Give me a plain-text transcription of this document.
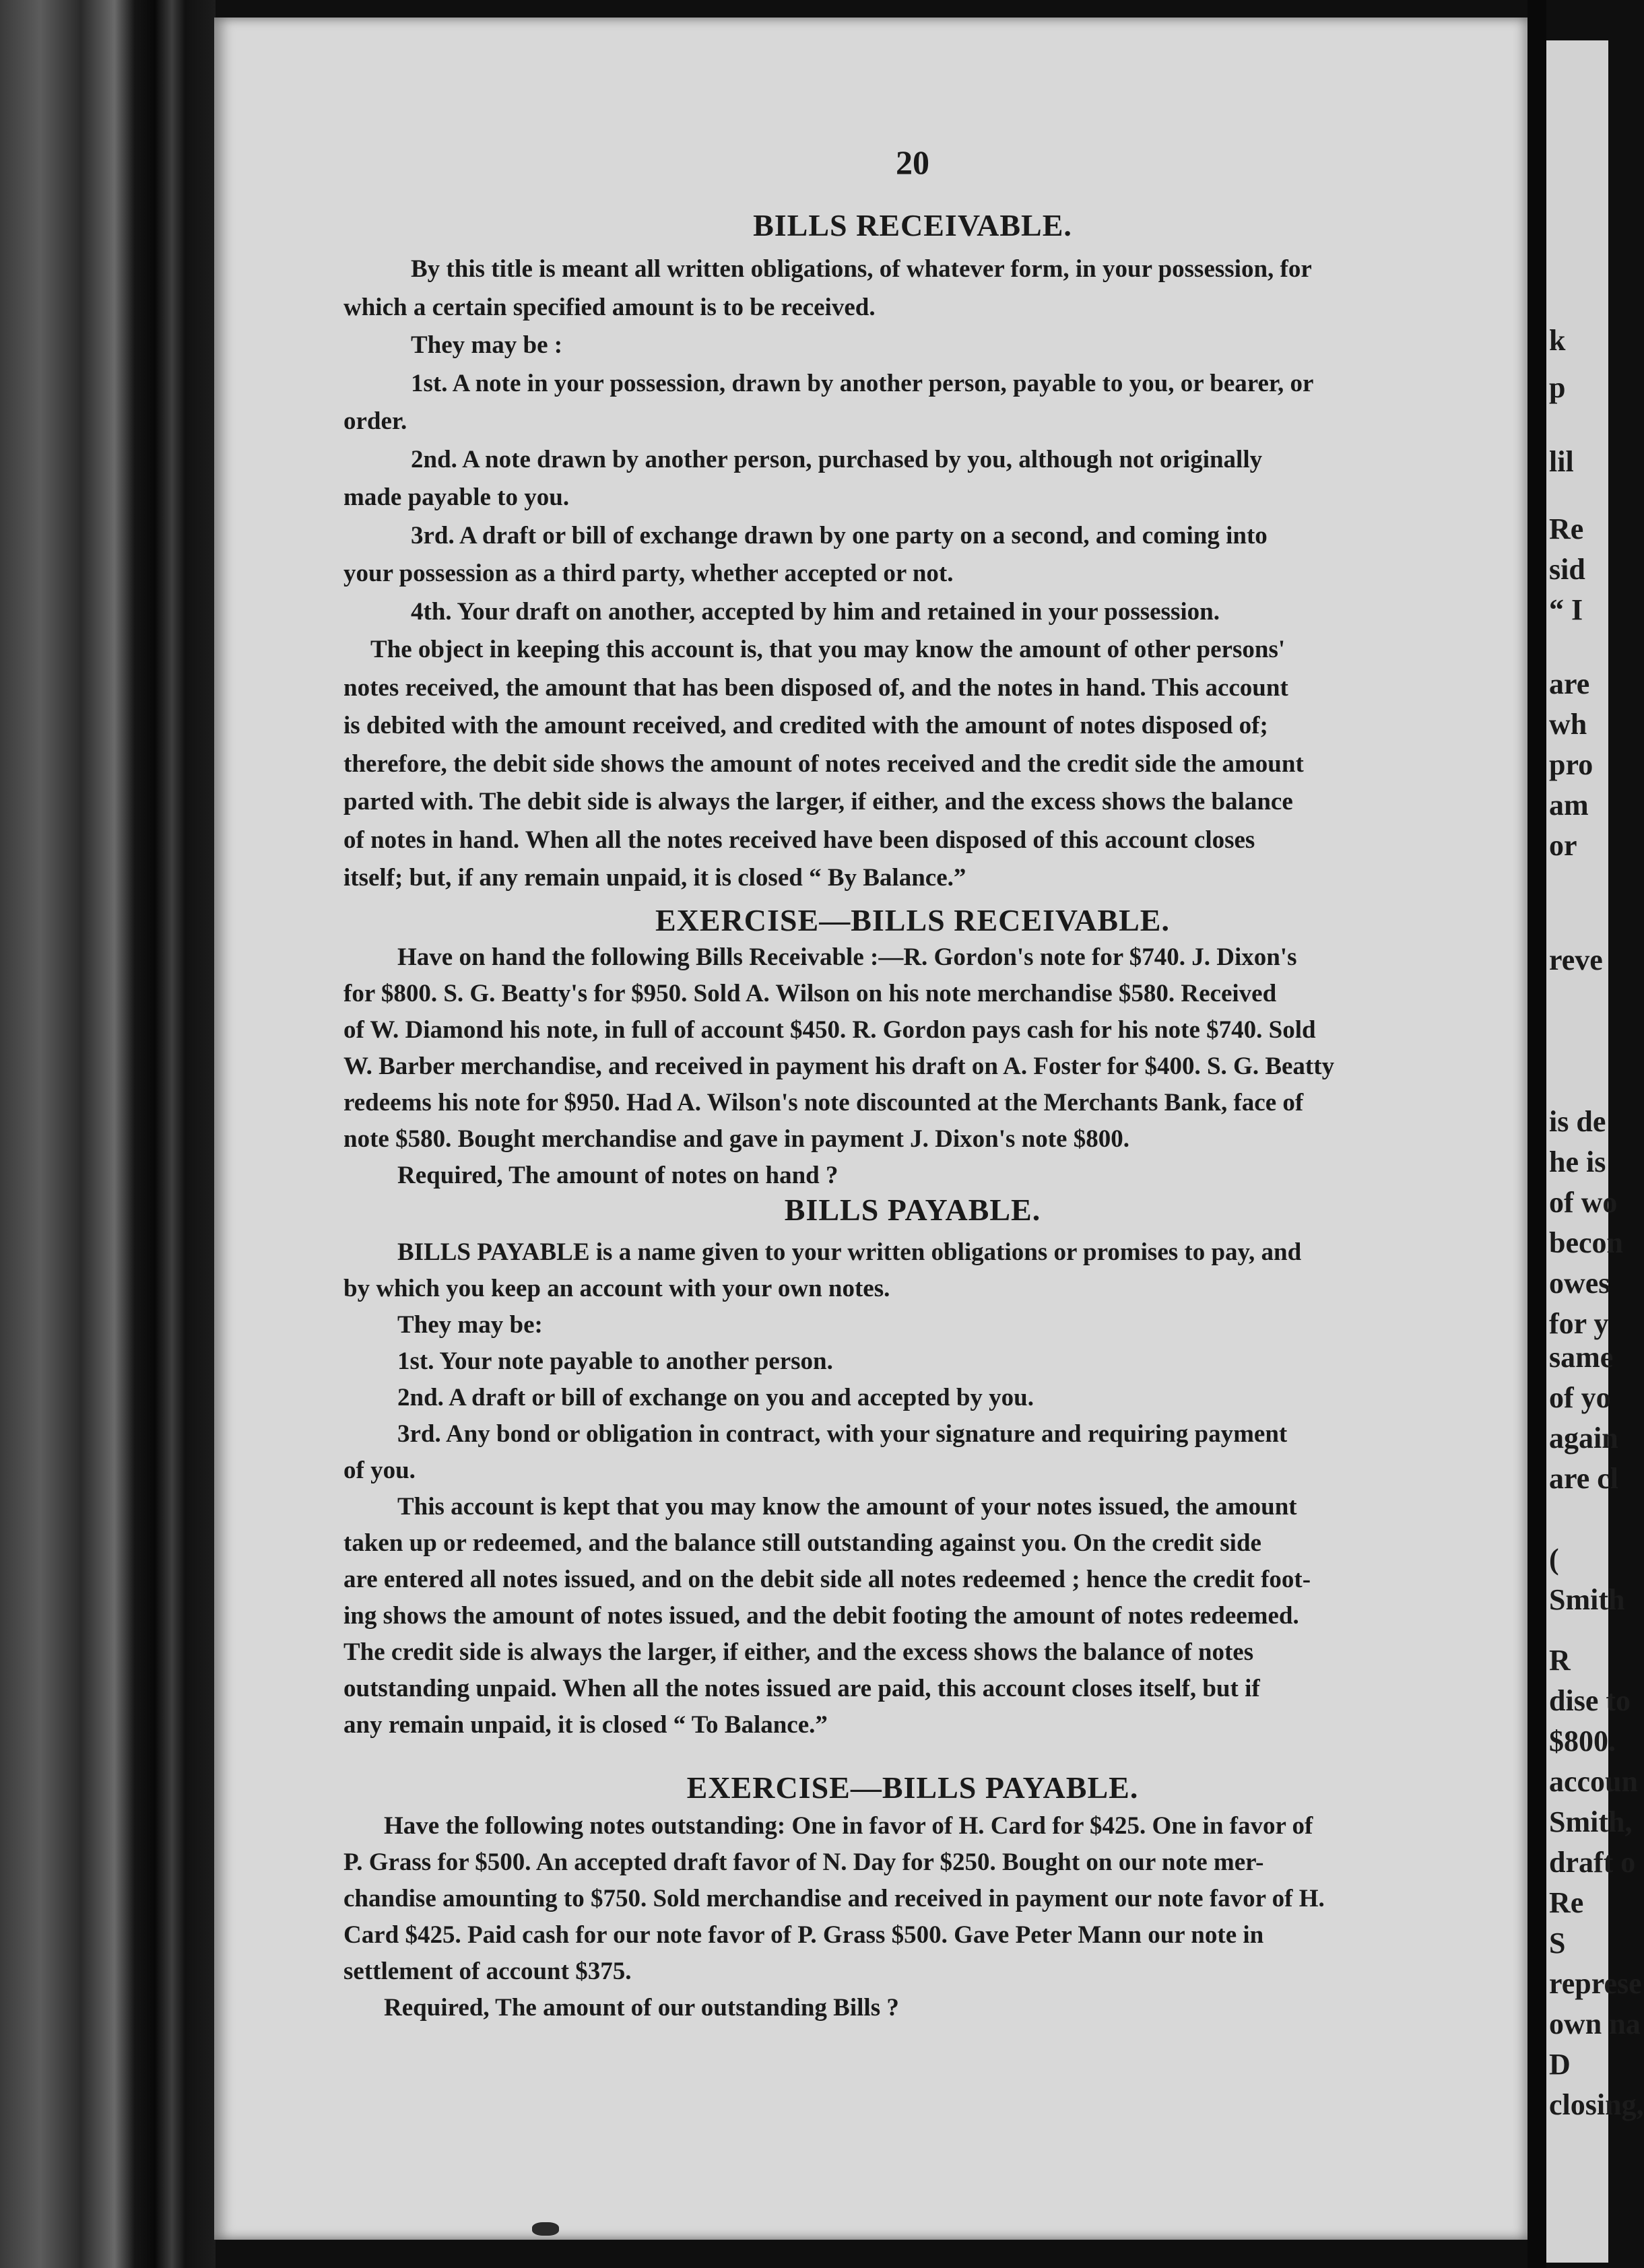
k
p
lil
Re
sid
“ I
are
wh
pro
am
or
reve
is de
he is
of wo
becon
owes
for y
same
of yo
again
are cl
(
Smith
R
dise to
$800.
accoun
Smith,
draft o
Re
S
represe
own na
D
closing,
20
BILLS RECEIVABLE.
By this title is meant all written obligations, of whatever form, in your possession, for
which a certain specified amount is to be received.
They may be :
1st. A note in your possession, drawn by another person, payable to you, or bearer, or
order.
2nd. A note drawn by another person, purchased by you, although not originally
made payable to you.
3rd. A draft or bill of exchange drawn by one party on a second, and coming into
your possession as a third party, whether accepted or not.
4th. Your draft on another, accepted by him and retained in your possession.
The object in keeping this account is, that you may know the amount of other persons'
notes received, the amount that has been disposed of, and the notes in hand. This account
is debited with the amount received, and credited with the amount of notes disposed of;
therefore, the debit side shows the amount of notes received and the credit side the amount
parted with. The debit side is always the larger, if either, and the excess shows the balance
of notes in hand. When all the notes received have been disposed of this account closes
itself; but, if any remain unpaid, it is closed “ By Balance.”
EXERCISE—BILLS RECEIVABLE.
Have on hand the following Bills Receivable :—R. Gordon's note for $740. J. Dixon's
for $800. S. G. Beatty's for $950. Sold A. Wilson on his note merchandise $580. Received
of W. Diamond his note, in full of account $450. R. Gordon pays cash for his note $740. Sold
W. Barber merchandise, and received in payment his draft on A. Foster for $400. S. G. Beatty
redeems his note for $950. Had A. Wilson's note discounted at the Merchants Bank, face of
note $580. Bought merchandise and gave in payment J. Dixon's note $800.
Required, The amount of notes on hand ?
BILLS PAYABLE.
BILLS PAYABLE is a name given to your written obligations or promises to pay, and
by which you keep an account with your own notes.
They may be:
1st. Your note payable to another person.
2nd. A draft or bill of exchange on you and accepted by you.
3rd. Any bond or obligation in contract, with your signature and requiring payment
of you.
This account is kept that you may know the amount of your notes issued, the amount
taken up or redeemed, and the balance still outstanding against you. On the credit side
are entered all notes issued, and on the debit side all notes redeemed ; hence the credit foot-
ing shows the amount of notes issued, and the debit footing the amount of notes redeemed.
The credit side is always the larger, if either, and the excess shows the balance of notes
outstanding unpaid. When all the notes issued are paid, this account closes itself, but if
any remain unpaid, it is closed “ To Balance.”
EXERCISE—BILLS PAYABLE.
Have the following notes outstanding: One in favor of H. Card for $425. One in favor of
P. Grass for $500. An accepted draft favor of N. Day for $250. Bought on our note mer-
chandise amounting to $750. Sold merchandise and received in payment our note favor of H.
Card $425. Paid cash for our note favor of P. Grass $500. Gave Peter Mann our note in
settlement of account $375.
Required, The amount of our outstanding Bills ?
